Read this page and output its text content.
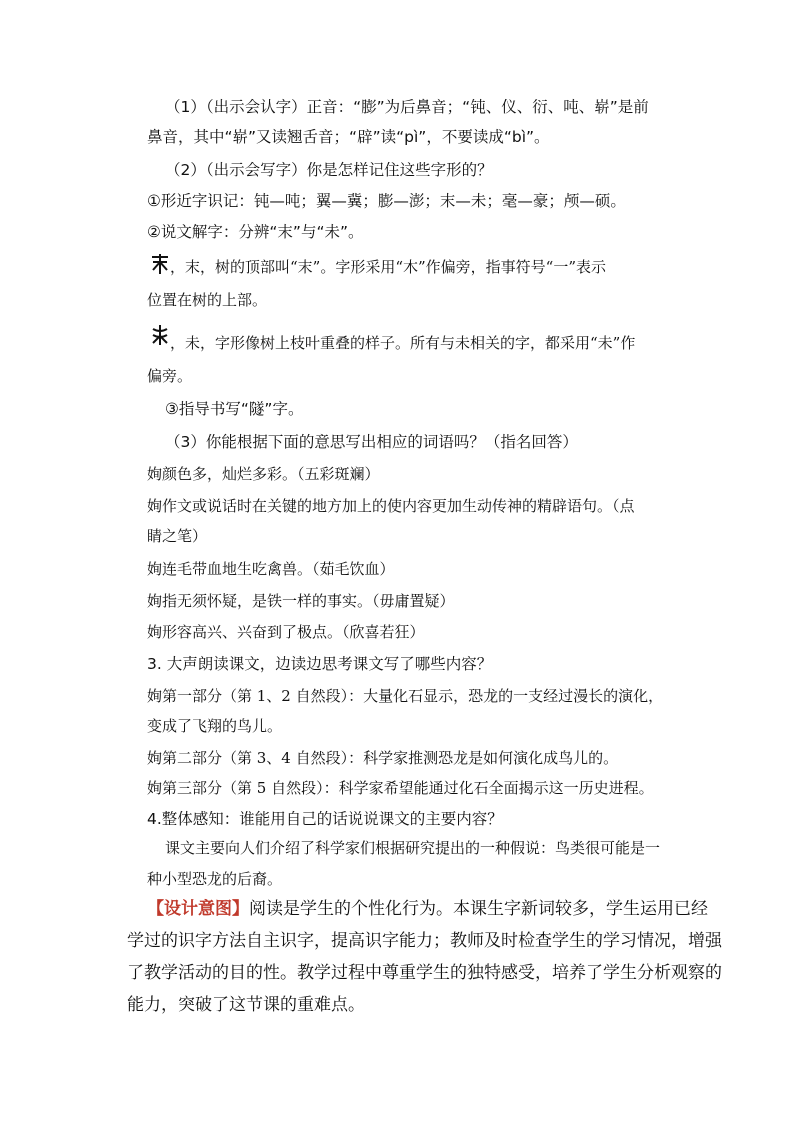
（1）（出示会认字）正音：“膨”为后鼻音；“钝、仪、衍、吨、崭”是前
鼻音，其中“崭”又读翘舌音；“辟”读“pì”，不要读成“bì”。
（2）（出示会写字）你是怎样记住这些字形的？
①形近字识记：钝—吨；翼—冀；膨—澎；末—未；毫—豪；颅—硕。
②说文解字：分辨“末”与“未”。
，末，树的顶部叫“末”。字形采用“木”作偏旁，指事符号“一”表示
位置在树的上部。
，未，字形像树上枝叶重叠的样子。所有与未相关的字，都采用“未”作
偏旁。
③指导书写“隧”字。
（3）你能根据下面的意思写出相应的词语吗？（指名回答）
姰颜色多，灿烂多彩。（五彩斑斓）
姰作文或说话时在关键的地方加上的使内容更加生动传神的精辟语句。（点
睛之笔）
姰连毛带血地生吃禽兽。（茹毛饮血）
姰指无须怀疑，是铁一样的事实。（毋庸置疑）
姰形容高兴、兴奋到了极点。（欣喜若狂）
3. 大声朗读课文，边读边思考课文写了哪些内容？
姰第一部分（第 1、2 自然段）：大量化石显示，恐龙的一支经过漫长的演化，
变成了飞翔的鸟儿。
姰第二部分（第 3、4 自然段）：科学家推测恐龙是如何演化成鸟儿的。
姰第三部分（第 5 自然段）：科学家希望能通过化石全面揭示这一历史进程。
4.整体感知：谁能用自己的话说说课文的主要内容？
课文主要向人们介绍了科学家们根据研究提出的一种假说：鸟类很可能是一
种小型恐龙的后裔。
【设计意图】阅读是学生的个性化行为。本课生字新词较多，学生运用已经
学过的识字方法自主识字，提高识字能力；教师及时检查学生的学习情况，增强
了教学活动的目的性。教学过程中尊重学生的独特感受，培养了学生分析观察的
能力，突破了这节课的重难点。
